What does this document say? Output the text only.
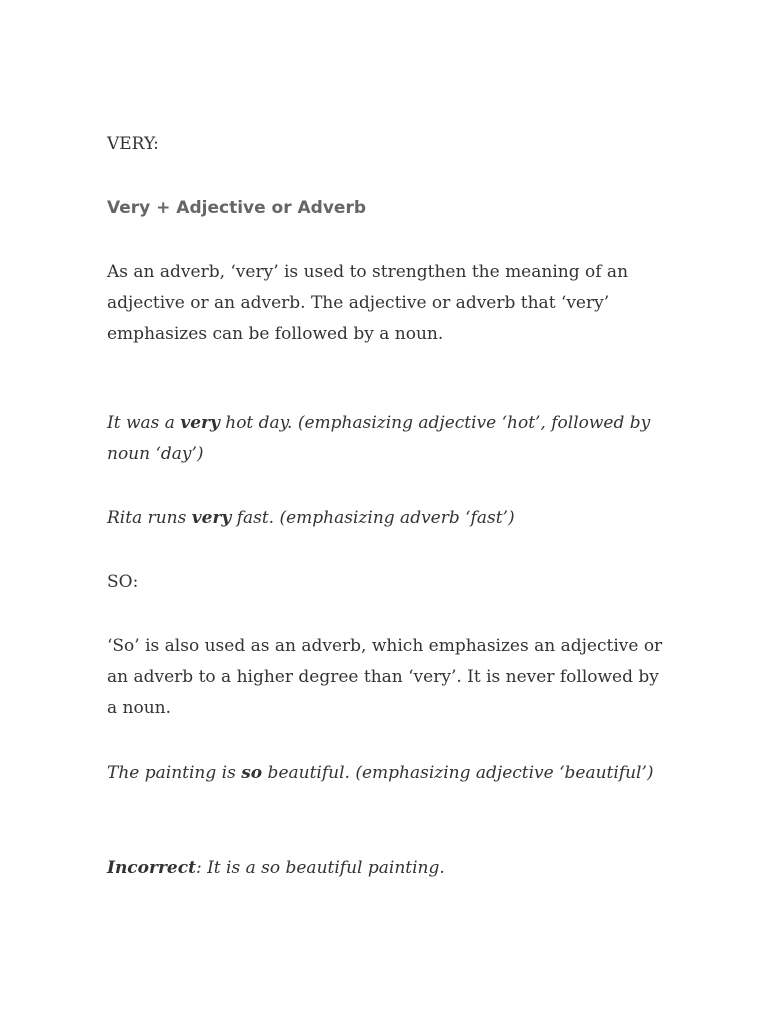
VERY:

Very + Adjective or Adverb

As an adverb, ‘very’ is used to strengthen the meaning of an adjective or an adverb. The adjective or adverb that ‘very’ emphasizes can be followed by a noun.

It was a very hot day. (emphasizing adjective ‘hot’, followed by noun ‘day’)

Rita runs very fast. (emphasizing adverb ‘fast’)

SO:

‘So’ is also used as an adverb, which emphasizes an adjective or an adverb to a higher degree than ‘very’. It is never followed by a noun.

The painting is so beautiful. (emphasizing adjective ‘beautiful’)

Incorrect: It is a so beautiful painting.
